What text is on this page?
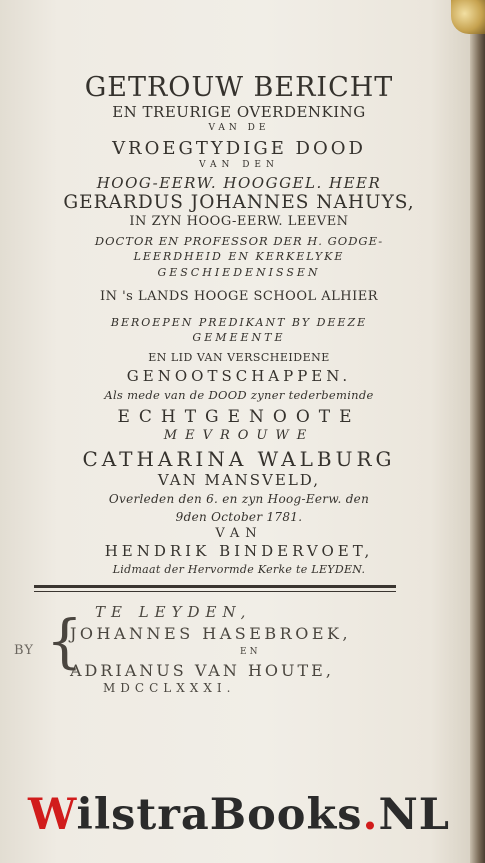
GETROUW BERICHT
EN TREURIGE OVERDENKING
VAN DE
VROEGTYDIGE DOOD
VAN DEN
HOOG-EERW. HOOGGEL. HEER
GERARDUS JOHANNES NAHUYS,
IN ZYN HOOG-EERW. LEEVEN
DOCTOR EN PROFESSOR DER H. GODGE-
LEERDHEID EN KERKELYKE
GESCHIEDENISSEN
IN 's LANDS HOOGE SCHOOL ALHIER
BEROEPEN PREDIKANT BY DEEZE
GEMEENTE
EN LID VAN VERSCHEIDENE
GENOOTSCHAPPEN.
Als mede van de DOOD zyner tederbeminde
ECHTGENOOTE
MEVROUWE
CATHARINA WALBURG
VAN MANSVELD,
Overleden den 6. en zyn Hoog-Eerw. den
9den October 1781.
VAN
HENDRIK BINDERVOET,
Lidmaat der Hervormde Kerke te LEYDEN.
TE LEYDEN,
BY {
JOHANNES HASEBROEK,
EN
ADRIANUS VAN HOUTE,
MDCCLXXXI.
WilstraBooks.NL
